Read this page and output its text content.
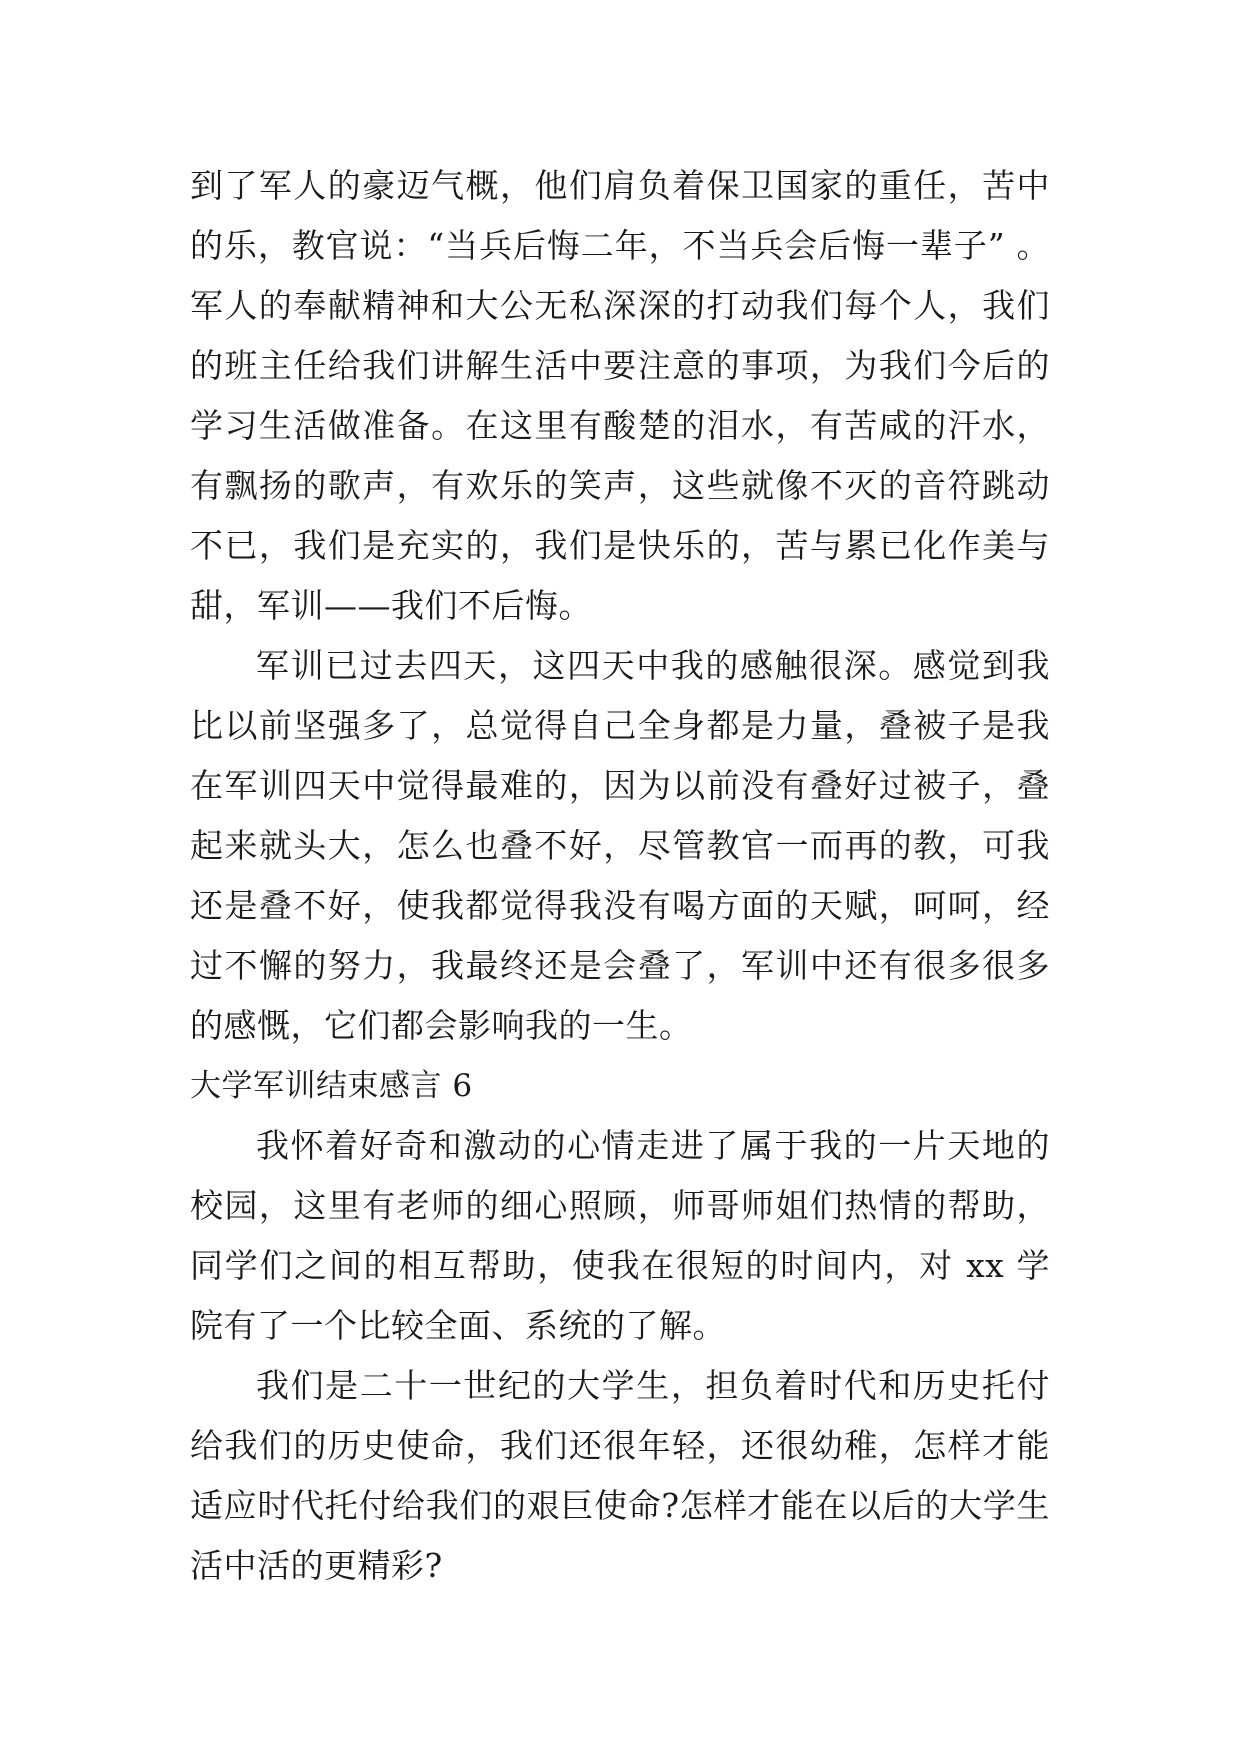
到了军人的豪迈气概，他们肩负着保卫国家的重任，苦中的乐，教官说：“当兵后悔二年，不当兵会后悔一辈子” 。军人的奉献精神和大公无私深深的打动我们每个人，我们的班主任给我们讲解生活中要注意的事项，为我们今后的学习生活做准备。在这里有酸楚的泪水，有苦咸的汗水，有飘扬的歌声，有欢乐的笑声，这些就像不灭的音符跳动不已，我们是充实的，我们是快乐的，苦与累已化作美与甜，军训——我们不后悔。

军训已过去四天，这四天中我的感触很深。感觉到我比以前坚强多了，总觉得自己全身都是力量，叠被子是我在军训四天中觉得最难的，因为以前没有叠好过被子，叠起来就头大，怎么也叠不好，尽管教官一而再的教，可我还是叠不好，使我都觉得我没有喝方面的天赋，呵呵，经过不懈的努力，我最终还是会叠了，军训中还有很多很多的感慨，它们都会影响我的一生。

大学军训结束感言 6

我怀着好奇和激动的心情走进了属于我的一片天地的校园，这里有老师的细心照顾，师哥师姐们热情的帮助，同学们之间的相互帮助，使我在很短的时间内，对 xx 学院有了一个比较全面、系统的了解。

我们是二十一世纪的大学生，担负着时代和历史托付给我们的历史使命，我们还很年轻，还很幼稚，怎样才能适应时代托付给我们的艰巨使命?怎样才能在以后的大学生活中活的更精彩?
